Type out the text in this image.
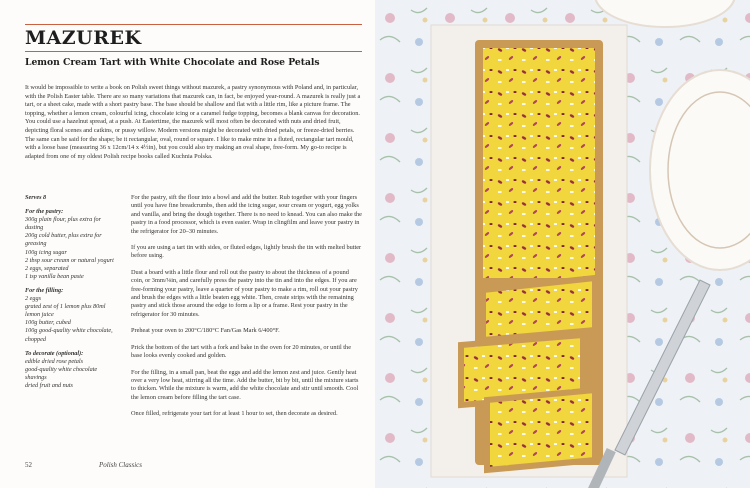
MAZUREK
Lemon Cream Tart with White Chocolate and Rose Petals

It would be impossible to write a book on Polish sweet things without mazurek, a pastry synonymous with Poland and, in particular, with the Polish Easter table. There are so many variations that mazurek can, in fact, be enjoyed year-round. A mazurek is really just a tart, or a sheet cake, made with a short pastry base. The base should be shallow and flat with a little rim, like a picture frame. The topping, whether a lemon cream, colourful icing, chocolate icing or a caramel fudge topping, becomes a blank canvas for decoration. You could use a hazelnut spread, at a push. At Eastertime, the mazurek will most often be decorated with nuts and dried fruit, depicting floral scenes and catkins, or pussy willow. Modern versions might be decorated with dried petals, or freeze-dried berries. The same can be said for the shape; be it rectangular, oval, round or square. I like to make mine in a fluted, rectangular tart mould, with a loose base (measuring 36 x 12cm/14 x 4½in), but you could also try making an oval shape, free-form. My go-to recipe is adapted from one of my oldest Polish recipe books called Kuchnia Polska.

Serves 8
For the pastry:
300g plain flour, plus extra for dusting
200g cold butter, plus extra for greasing
100g icing sugar
2 tbsp sour cream or natural yogurt
2 eggs, separated
1 tsp vanilla bean paste
For the filling:
2 eggs
grated zest of 1 lemon plus 80ml lemon juice
100g butter, cubed
100g good-quality white chocolate, chopped
To decorate (optional):
edible dried rose petals
good-quality white chocolate shavings
dried fruit and nuts

For the pastry, sift the flour into a bowl and add the butter. Rub together with your fingers until you have fine breadcrumbs, then add the icing sugar, sour cream or yogurt, egg yolks and vanilla, and bring the dough together. There is no need to knead. You can also make the pastry in a food processor, which is even easier. Wrap in clingfilm and leave your pastry in the refrigerator for 20–30 minutes.

If you are using a tart tin with sides, or fluted edges, lightly brush the tin with melted butter before using.

Dust a board with a little flour and roll out the pastry to about the thickness of a pound coin, or 3mm/⅛in, and carefully press the pastry into the tin and into the edges. If you are free-forming your pastry, leave a quarter of your pastry to make a rim, roll out your pastry and brush the edges with a little beaten egg white. Then, create strips with the remaining pastry and stick those around the edge to form a lip or a frame. Rest your pastry in the refrigerator for 30 minutes.

Preheat your oven to 200°C/180°C Fan/Gas Mark 6/400°F.

Prick the bottom of the tart with a fork and bake in the oven for 20 minutes, or until the base looks evenly cooked and golden.

For the filling, in a small pan, beat the eggs and add the lemon zest and juice. Gently heat over a very low heat, stirring all the time. Add the butter, bit by bit, until the mixture starts to thicken. While the mixture is warm, add the white chocolate and stir until smooth. Cool the lemon cream before filling the tart case.

Once filled, refrigerate your tart for at least 1 hour to set, then decorate as desired.

52	Polish Classics
